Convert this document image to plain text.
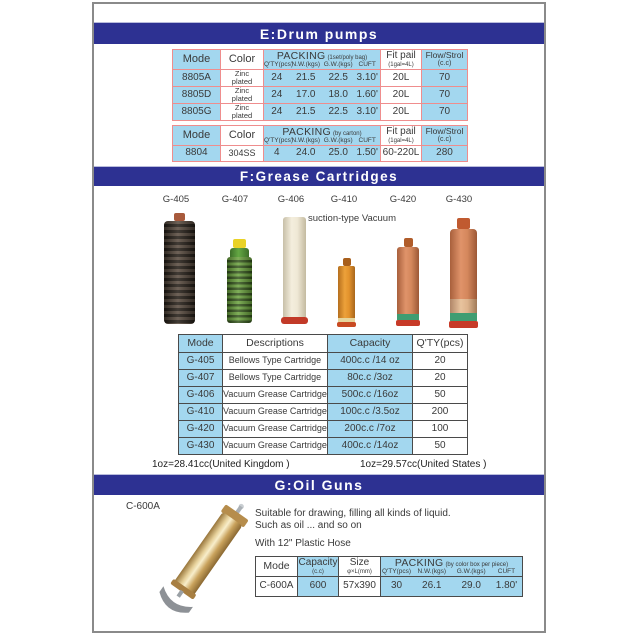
E:Drum pumps
Mode	Color	PACKING (1set/poly bag)
Q'TY(pcs)
N.W.(kgs) G.W.(kgs) CUFT

Fit pail
(1gal=4L)

Flow/Strol
(c.c)

8805A	Zinc plated	24 21.5 22.5 3.10'	20L	70
8805D	Zinc plated	24 17.0 18.0 1.60'	20L	70
8805G	Zinc plated	24 21.5 22.5 3.10'	20L	70
Mode	Color	PACKING (by carton)
Q'TY(pcs)
N.W.(kgs) G.W.(kgs) CUFT

Fit pail
(1gal=4L)

Flow/Strol
(c.c)

8804	304SS	4 24.0 25.0 1.50'	60-220L	280
F:Grease Cartridges
G-405	G-407	G-406	G-410	G-420	G-430
suction-type Vacuum
Mode	Descriptions	Capacity	Q'TY(pcs)
G-405	Bellows Type Cartridge	400c.c /14 oz	20
G-407	Bellows Type Cartridge	80c.c /3oz	20
G-406	Vacuum Grease Cartridge	500c.c /16oz	50
G-410	Vacuum Grease Cartridge	100c.c /3.5oz	200
G-420	Vacuum Grease Cartridge	200c.c /7oz	100
G-430	Vacuum Grease Cartridge	400c.c /14oz	50
1oz=28.41cc(United Kingdom )	1oz=29.57cc(United States )
G:Oil Guns
C-600A
Suitable for drawing, filling all kinds of liquid.
Such as oil ... and so on
With 12" Plastic Hose
Mode	Capacity
(c.c)

Size
φ×L(mm)

PACKING (by color box per piece)
Q'TY(pcs) N.W.(kgs)	G.W.(kgs)	CUFT

C-600A	600	57x390	30 26.1 29.0 1.80'
